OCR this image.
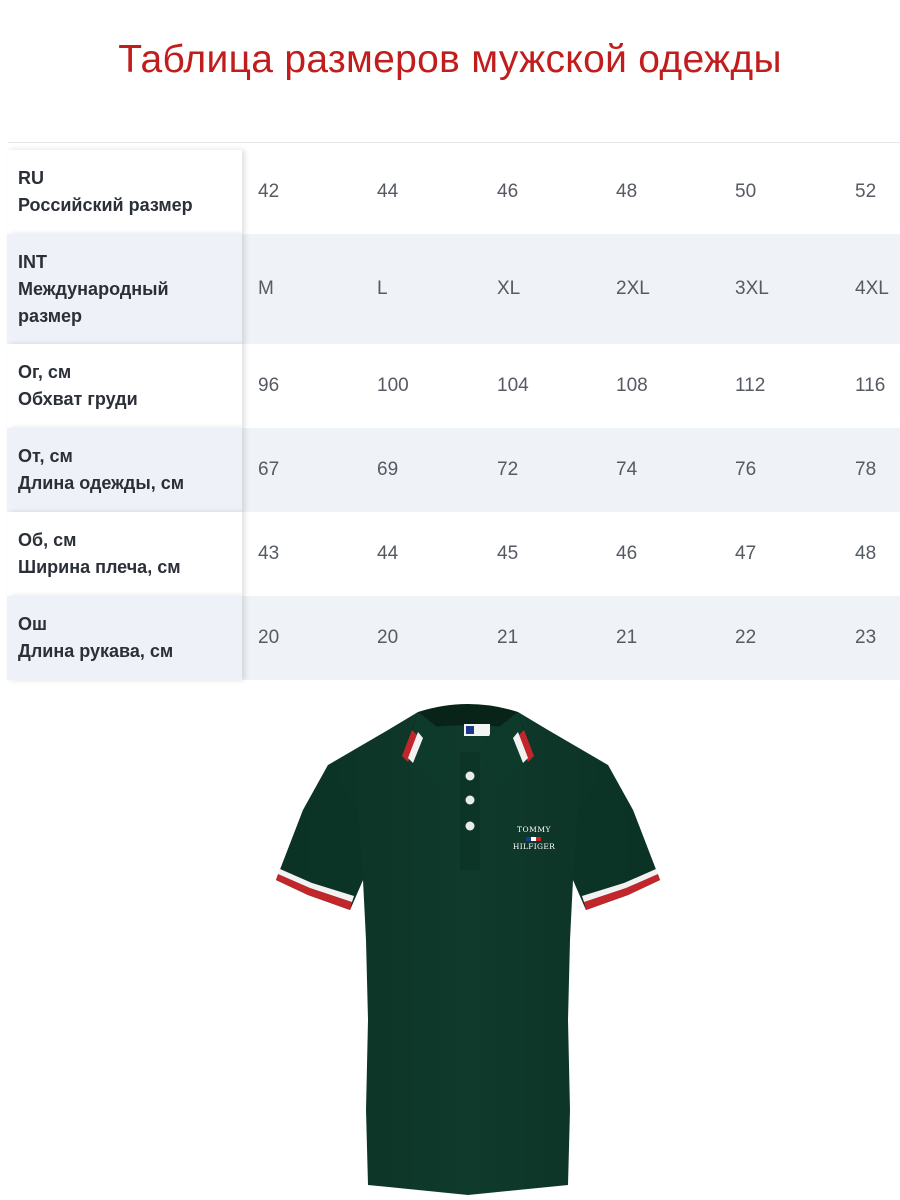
Таблица размеров мужской одежды
RU
Российский размер
42	44	46	48	50	52
INT
Международный размер
M	L	XL	2XL	3XL	4XL
Ог, см
Обхват груди
96	100	104	108	112	116
От, см
Длина одежды, см
67	69	72	74	76	78
Об, см
Ширина плеча, см
43	44	45	46	47	48
Ош
Длина рукава, см
20	20	21	21	22	23
TOMMY
HILFIGER
